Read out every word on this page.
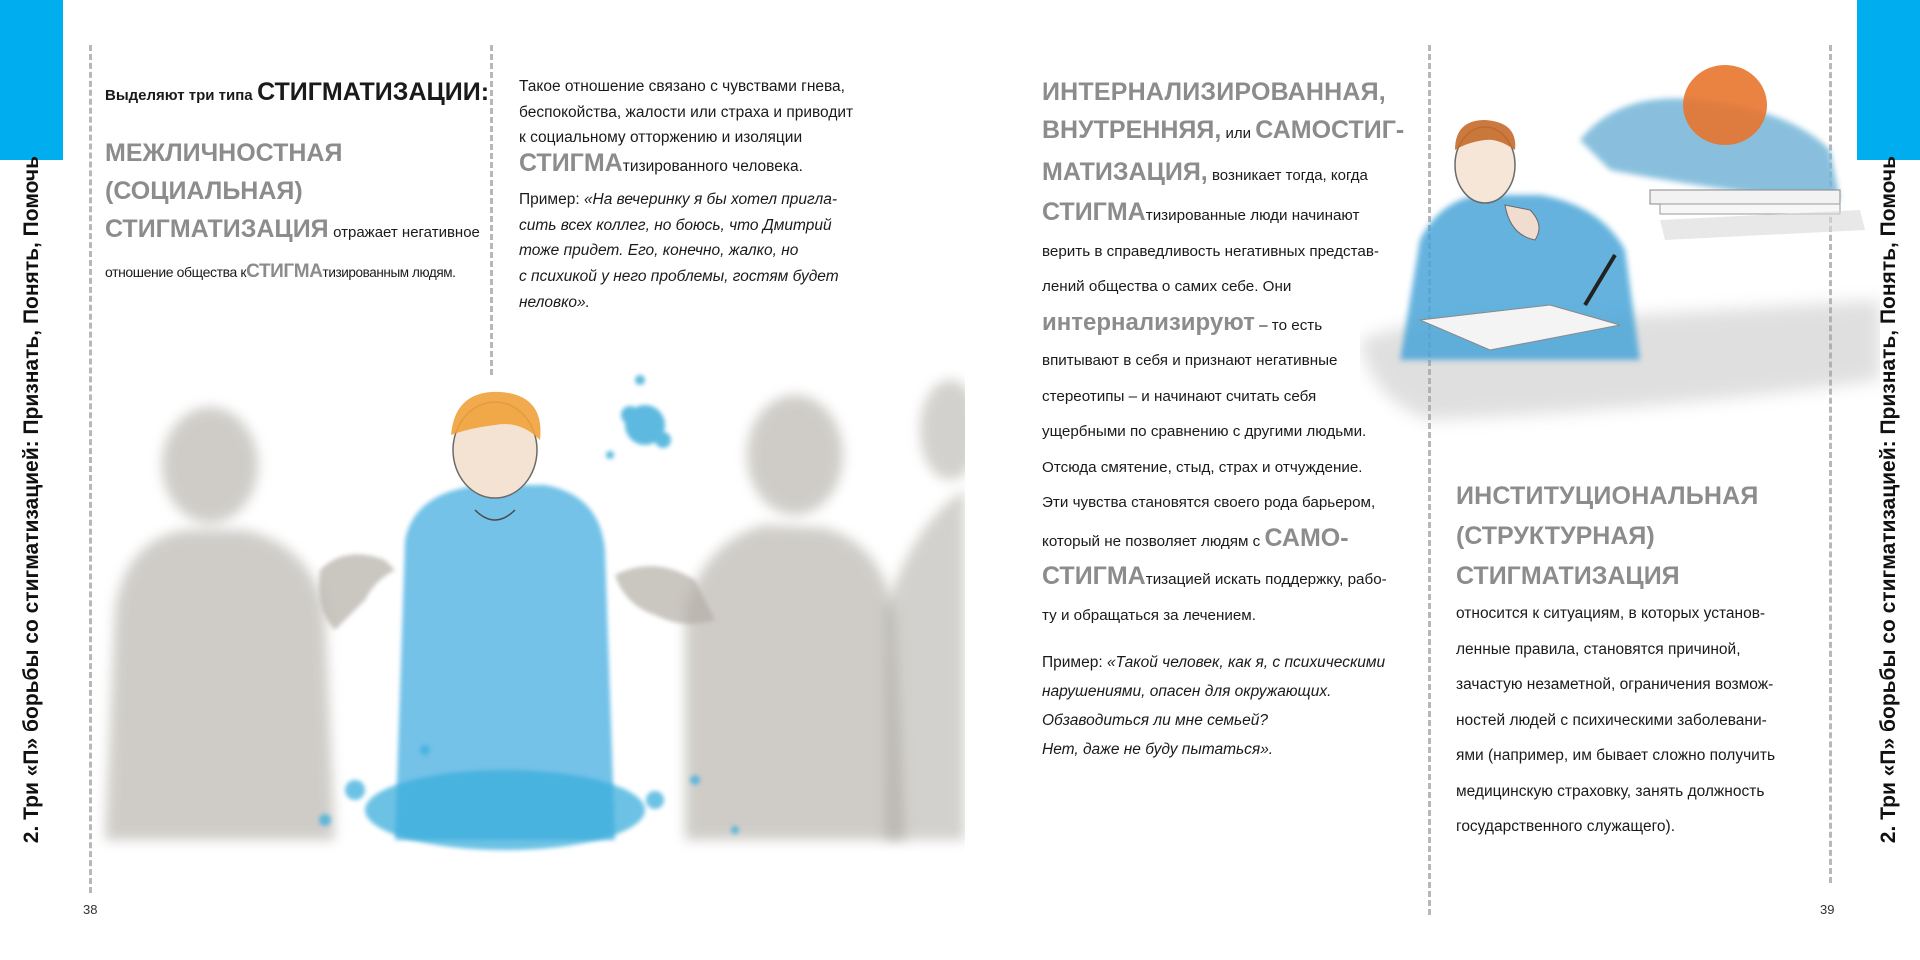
2. Три «П» борьбы со стигматизацией: Признать, Понять, Помочь	2. Три «П» борьбы со стигматизацией: Признать, Понять, Помочь
38	39
Выделяют три типа СТИГМАТИЗАЦИИ:
МЕЖЛИЧНОСТНАЯ
(СОЦИАЛЬНАЯ)
СТИГМАТИЗАЦИЯ отражает негативное
отношение общества кСТИГМАтизированным людям.
Такое отношение связано с чувствами гнева,
беспокойства, жалости или страха и приводит
к социальному отторжению и изоляции
СТИГМАтизированного человека.
Пример: «На вечеринку я бы хотел пригла-
сить всех коллег, но боюсь, что Дмитрий
тоже придет. Его, конечно, жалко, но
с психикой у него проблемы, гостям будет
неловко».
ИНТЕРНАЛИЗИРОВАННАЯ,
ВНУТРЕННЯЯ, или САМОСТИГ-
МАТИЗАЦИЯ, возникает тогда, когда
СТИГМАтизированные люди начинают
верить в справедливость негативных представ-
лений общества о самих себе. Они
интернализируют – то есть
впитывают в себя и признают негативные
стереотипы – и начинают считать себя
ущербными по сравнению с другими людьми.
Отсюда смятение, стыд, страх и отчуждение.
Эти чувства становятся своего рода барьером,
который не позволяет людям с САМО-
СТИГМАтизацией искать поддержку, рабо-
ту и обращаться за лечением.
Пример: «Такой человек, как я, с психическими
нарушениями, опасен для окружающих.
Обзаводиться ли мне семьей?
Нет, даже не буду пытаться».
ИНСТИТУЦИОНАЛЬНАЯ
(СТРУКТУРНАЯ)
СТИГМАТИЗАЦИЯ
относится к ситуациям, в которых установ-
ленные правила, становятся причиной,
зачастую незаметной, ограничения возмож-
ностей людей с психическими заболевани-
ями (например, им бывает сложно получить
медицинскую страховку, занять должность
государственного служащего).
